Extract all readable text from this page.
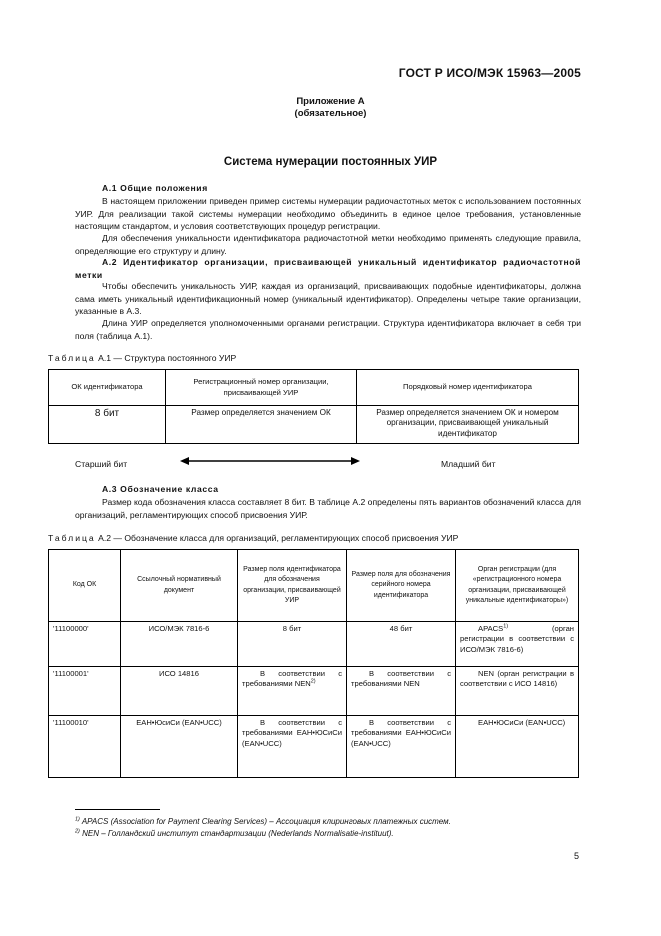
ГОСТ Р ИСО/МЭК 15963—2005
Приложение А
(обязательное)
Система нумерации постоянных УИР
А.1 Общие положения
В настоящем приложении приведен пример системы нумерации радиочастотных меток с использованием постоянных УИР. Для реализации такой системы нумерации необходимо объединить в единое целое требования, установленные настоящим стандартом, и условия соответствующих процедур регистрации.
Для обеспечения уникальности идентификатора радиочастотной метки необходимо применять следующие правила, определяющие его структуру и длину.
А.2 Идентификатор организации, присваивающей уникальный идентификатор радиочастотной метки
Чтобы обеспечить уникальность УИР, каждая из организаций, присваивающих подобные идентификаторы, должна сама иметь уникальный идентификационный номер (уникальный идентификатор). Определены четыре такие организации, указанные в А.3.
Длина УИР определяется уполномоченными органами регистрации. Структура идентификатора включает в себя три поля (таблица А.1).
Таблица А.1 — Структура постоянного УИР
ОК идентификатора	Регистрационный номер организации, присваивающей УИР	Порядковый номер идентификатора
8 бит	Размер определяется значением ОК	Размер определяется значением ОК и номером организации, присваивающей уникальный идентификатор
Старший бит	Младший бит
А.3 Обозначение класса
Размер кода обозначения класса составляет 8 бит. В таблице А.2 определены пять вариантов обозначений класса для организаций, регламентирующих способ присвоения УИР.
Таблица А.2 — Обозначение класса для организаций, регламентирующих способ присвоения УИР
Код ОК	Ссылочный нормативный документ	Размер поля идентификатора для обозначения организации, присваивающей УИР	Размер поля для обозначения серийного номера идентификатора	Орган регистрации (для «регистрационного номера организации, присваивающей уникальные идентификаторы»)
'11100000'	ИСО/МЭК 7816-6	8 бит	48 бит	APACS$^{1)}$ (орган регистрации в соответствии с ИСО/МЭК 7816-6)
'11100001'	ИСО 14816	В соответствии с требованиями NEN$^{2)}$	В соответствии с требованиями NEN	NEN (орган регистрации в соответствии с ИСО 14816)
'11100010'	ЕАН•ЮсиСи (EAN•UCC)	В соответствии с требованиями ЕАН•ЮСиСи (EAN•UCC)	В соответствии с требованиями ЕАН•ЮСиСи (EAN•UCC)	ЕАН•ЮСиСи (EAN•UCC)
$^{1)}$ APACS (Association for Payment Clearing Services) – Ассоциация клиринговых платежных систем.
$^{2)}$ NEN – Голландский институт стандартизации (Nederlands Normalisatie-instituut).
5
